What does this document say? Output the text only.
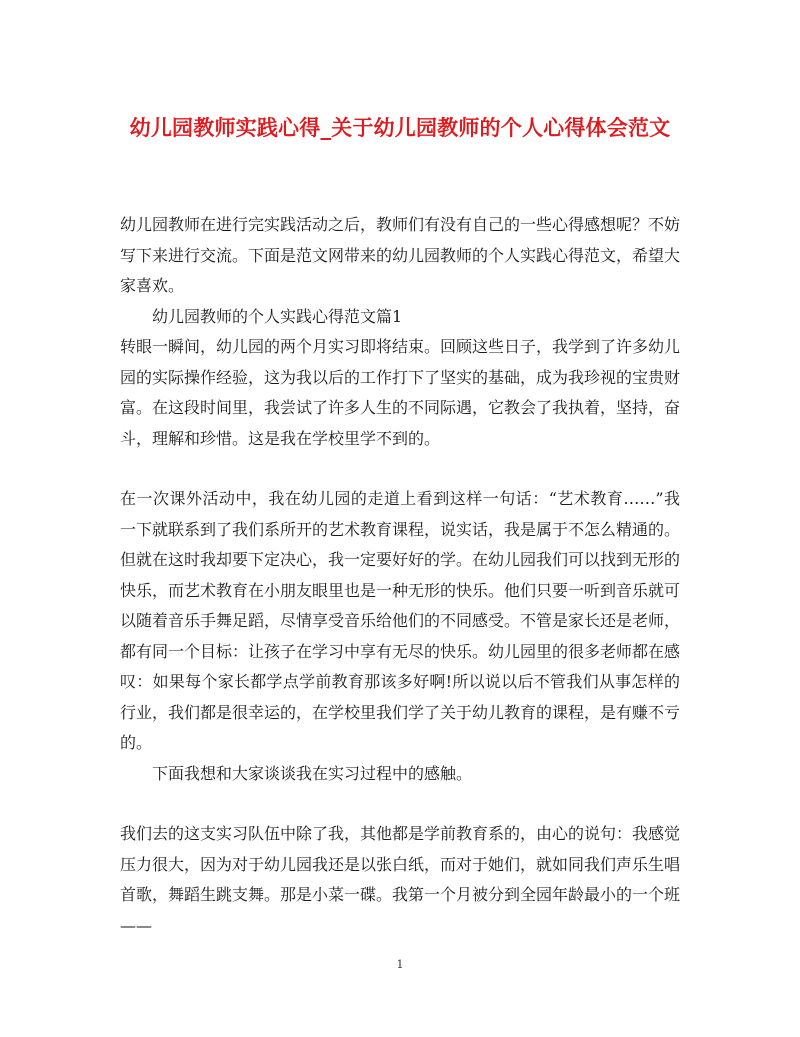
幼儿园教师实践心得_关于幼儿园教师的个人心得体会范文

幼儿园教师在进行完实践活动之后，教师们有没有自己的一些心得感想呢？不妨写下来进行交流。下面是范文网带来的幼儿园教师的个人实践心得范文，希望大家喜欢。

幼儿园教师的个人实践心得范文篇1

转眼一瞬间，幼儿园的两个月实习即将结束。回顾这些日子，我学到了许多幼儿园的实际操作经验，这为我以后的工作打下了坚实的基础，成为我珍视的宝贵财富。在这段时间里，我尝试了许多人生的不同际遇，它教会了我执着，坚持，奋斗，理解和珍惜。这是我在学校里学不到的。

在一次课外活动中，我在幼儿园的走道上看到这样一句话：“艺术教育……”我一下就联系到了我们系所开的艺术教育课程，说实话，我是属于不怎么精通的。但就在这时我却要下定决心，我一定要好好的学。在幼儿园我们可以找到无形的快乐，而艺术教育在小朋友眼里也是一种无形的快乐。他们只要一听到音乐就可以随着音乐手舞足蹈，尽情享受音乐给他们的不同感受。不管是家长还是老师，都有同一个目标：让孩子在学习中享有无尽的快乐。幼儿园里的很多老师都在感叹：如果每个家长都学点学前教育那该多好啊!所以说以后不管我们从事怎样的行业，我们都是很幸运的，在学校里我们学了关于幼儿教育的课程，是有赚不亏的。

下面我想和大家谈谈我在实习过程中的感触。

我们去的这支实习队伍中除了我，其他都是学前教育系的，由心的说句：我感觉压力很大，因为对于幼儿园我还是以张白纸，而对于她们，就如同我们声乐生唱首歌，舞蹈生跳支舞。那是小菜一碟。我第一个月被分到全园年龄最小的一个班——

1
